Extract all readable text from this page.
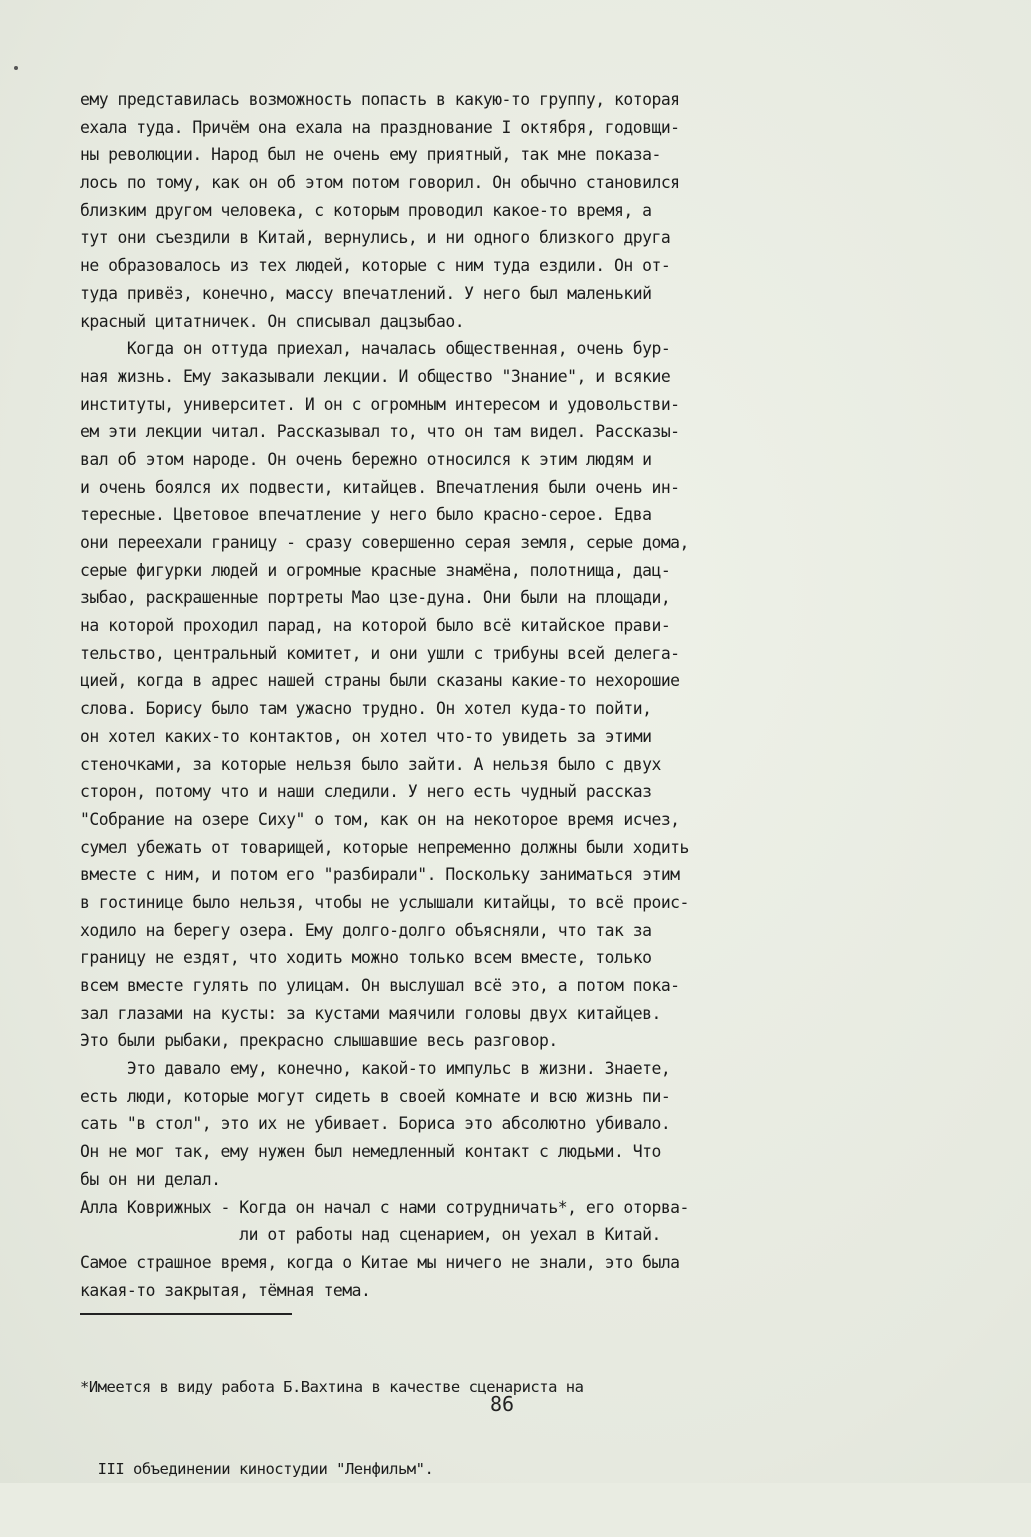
ему представилась возможность попасть в какую-то группу, которая
ехала туда. Причём она ехала на празднование I октября, годовщи-
ны революции. Народ был не очень ему приятный, так мне показа-
лось по тому, как он об этом потом говорил. Он обычно становился
близким другом человека, с которым проводил какое-то время, а
тут они съездили в Китай, вернулись, и ни одного близкого друга
не образовалось из тех людей, которые с ним туда ездили. Он от-
туда привёз, конечно, массу впечатлений. У него был маленький
красный цитатничек. Он списывал дацзыбао.
Когда он оттуда приехал, началась общественная, очень бур-
ная жизнь. Ему заказывали лекции. И общество "Знание", и всякие
институты, университет. И он с огромным интересом и удовольстви-
ем эти лекции читал. Рассказывал то, что он там видел. Рассказы-
вал об этом народе. Он очень бережно относился к этим людям и
и очень боялся их подвести, китайцев. Впечатления были очень ин-
тересные. Цветовое впечатление у него было красно-серое. Едва
они переехали границу - сразу совершенно серая земля, серые дома,
серые фигурки людей и огромные красные знамёна, полотнища, дац-
зыбао, раскрашенные портреты Мао цзе-дуна. Они были на площади,
на которой проходил парад, на которой было всё китайское прави-
тельство, центральный комитет, и они ушли с трибуны всей делега-
цией, когда в адрес нашей страны были сказаны какие-то нехорошие
слова. Борису было там ужасно трудно. Он хотел куда-то пойти,
он хотел каких-то контактов, он хотел что-то увидеть за этими
стеночками, за которые нельзя было зайти. А нельзя было с двух
сторон, потому что и наши следили. У него есть чудный рассказ
"Собрание на озере Сиху" о том, как он на некоторое время исчез,
сумел убежать от товарищей, которые непременно должны были ходить
вместе с ним, и потом его "разбирали". Поскольку заниматься этим
в гостинице было нельзя, чтобы не услышали китайцы, то всё проис-
ходило на берегу озера. Ему долго-долго объясняли, что так за
границу не ездят, что ходить можно только всем вместе, только
всем вместе гулять по улицам. Он выслушал всё это, а потом пока-
зал глазами на кусты: за кустами маячили головы двух китайцев.
Это были рыбаки, прекрасно слышавшие весь разговор.
Это давало ему, конечно, какой-то импульс в жизни. Знаете,
есть люди, которые могут сидеть в своей комнате и всю жизнь пи-
сать "в стол", это их не убивает. Бориса это абсолютно убивало.
Он не мог так, ему нужен был немедленный контакт с людьми. Что
бы он ни делал.
Алла Коврижных - Когда он начал с нами сотрудничать*, его оторва-
ли от работы над сценарием, он уехал в Китай.
Самое страшное время, когда о Китае мы ничего не знали, это была
какая-то закрытая, тёмная тема.

*Имеется в виду работа Б.Вахтина в качестве сценариста на

III объединении киностудии "Ленфильм".

86
